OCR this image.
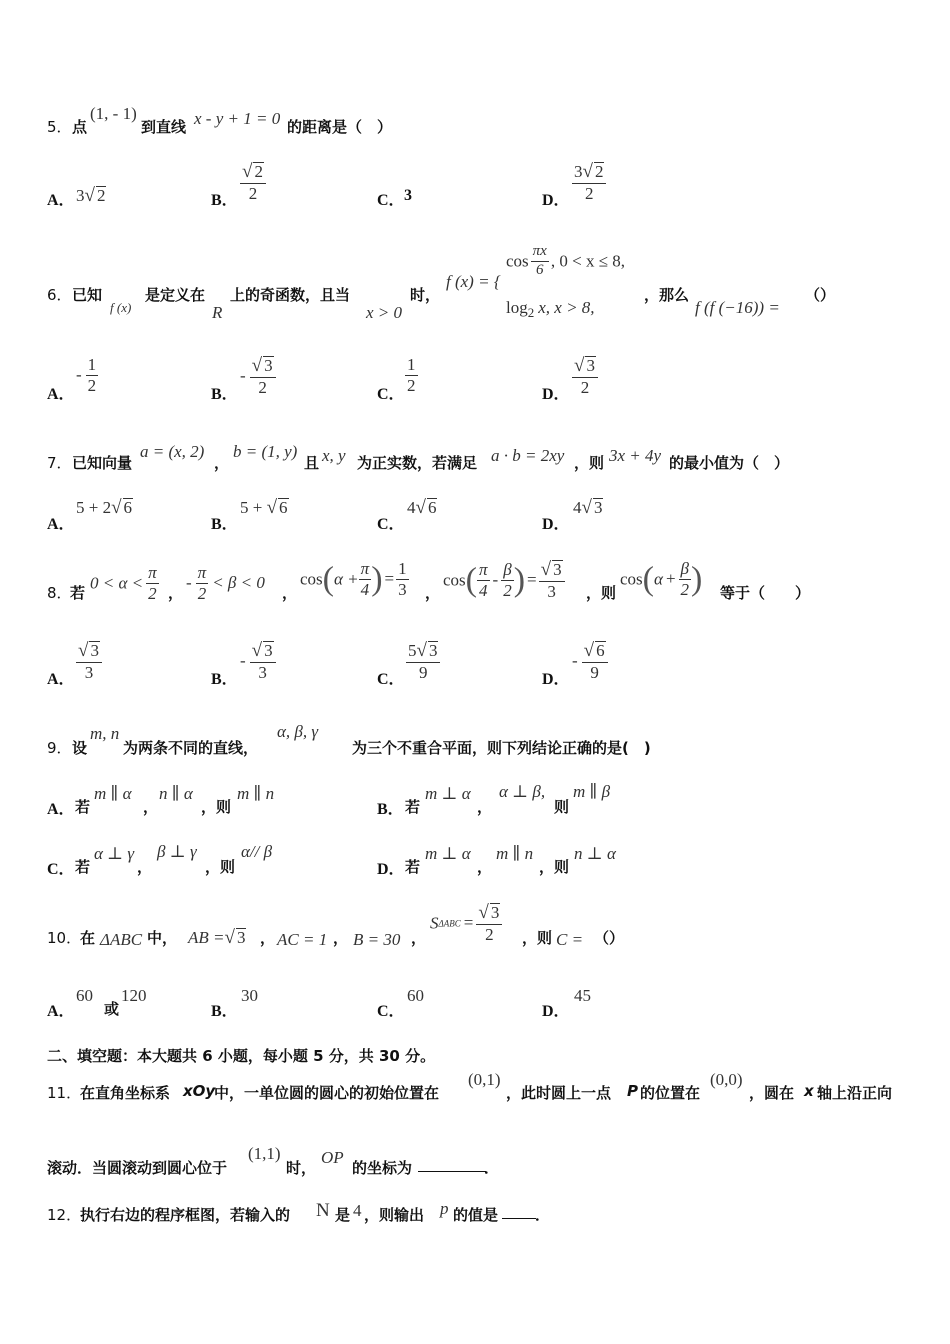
5． 点
(1, - 1)
到直线 x - y + 1 = 0 的距离是（　）
A． 3√ 2	B． $\frac{√ 2}{2}$	C． 3	D． $\frac{3√ 2}{2}$
6． 已知
f (x)
是定义在
R
上的奇函数，且当
x > 0
时，
f (x) = {
$\cos \frac{\pi x}{6}$ , 0 < x ≤ 8,
$\log_2 x$, x > 8,
，那么
f (f (−16)) =
（）
A．
- $\frac{1}{2}$	B．
- $\frac{√ 3}{2}$	C． $\frac{1}{2}$	D． $\frac{√ 3}{2}$
7． 已知向量
a = (x, 2)
，
b = (1, y)
且 x, y 为正实数，若满足 a · b = 2xy ，则 3x + 4y 的最小值为（　）
A．
5 + 2√ 6
B．
5 + √ 6
C．
4√ 6
D．
4√ 3
8．
若
$0 < \alpha < \frac{\pi}{2}$ ，
- $\frac{\pi}{2} < \beta < 0$
，
$\cos(\alpha + \frac{\pi}{4}$ ) = $\frac{1}{3}$ ，
$\cos( \frac{\pi}{4} - \frac{\beta}{2}$ ) = $\frac{√ 3}{3}$ ，则
$\cos(\alpha + \frac{\beta}{2}$ ) 等于（　　）
A． $\frac{√ 3}{3}$	B．
- $\frac{√ 3}{3}$	C． $\frac{5√ 3}{9}$	D．
- $\frac{√ 6}{9}$
9． 设
m, n
为两条不同的直线，
α, β, γ
为三个不重合平面，则下列结论正确的是(　)
A． 若
m ∥ α
，
n ∥ α
，则
m ∥ n
B． 若
m ⊥ α
，
α ⊥ β,
则
m ∥ β
C． 若
α ⊥ γ
，
β ⊥ γ
，则
α// β
D． 若
m ⊥ α
，
m ∥ n
，则
n ⊥ α
10．
在 ΔABC 中， AB =√ 3 ， AC = 1 ， B = 30 ，
$S\Delta ABC = \frac{√ 3}{2}$ ，则 C = （）
A．
60
或
120
B．
30
C．
60
D．
45
二、填空题：本大题共 6 小题，每小题 5 分，共 30 分。
11．
在直角坐标系 xOy
中，一单位圆的圆心的初始位置在
(0,1)
，此时圆上一点 P 的位置在
(0,0)
，圆在 x 轴上沿正向
滚动．当圆滚动到圆心位于
(1,1)
时，
OP
的坐标为	．
12．
执行右边的程序框图，若输入的 N 是 4 ，则输出 p 的值是 ．
